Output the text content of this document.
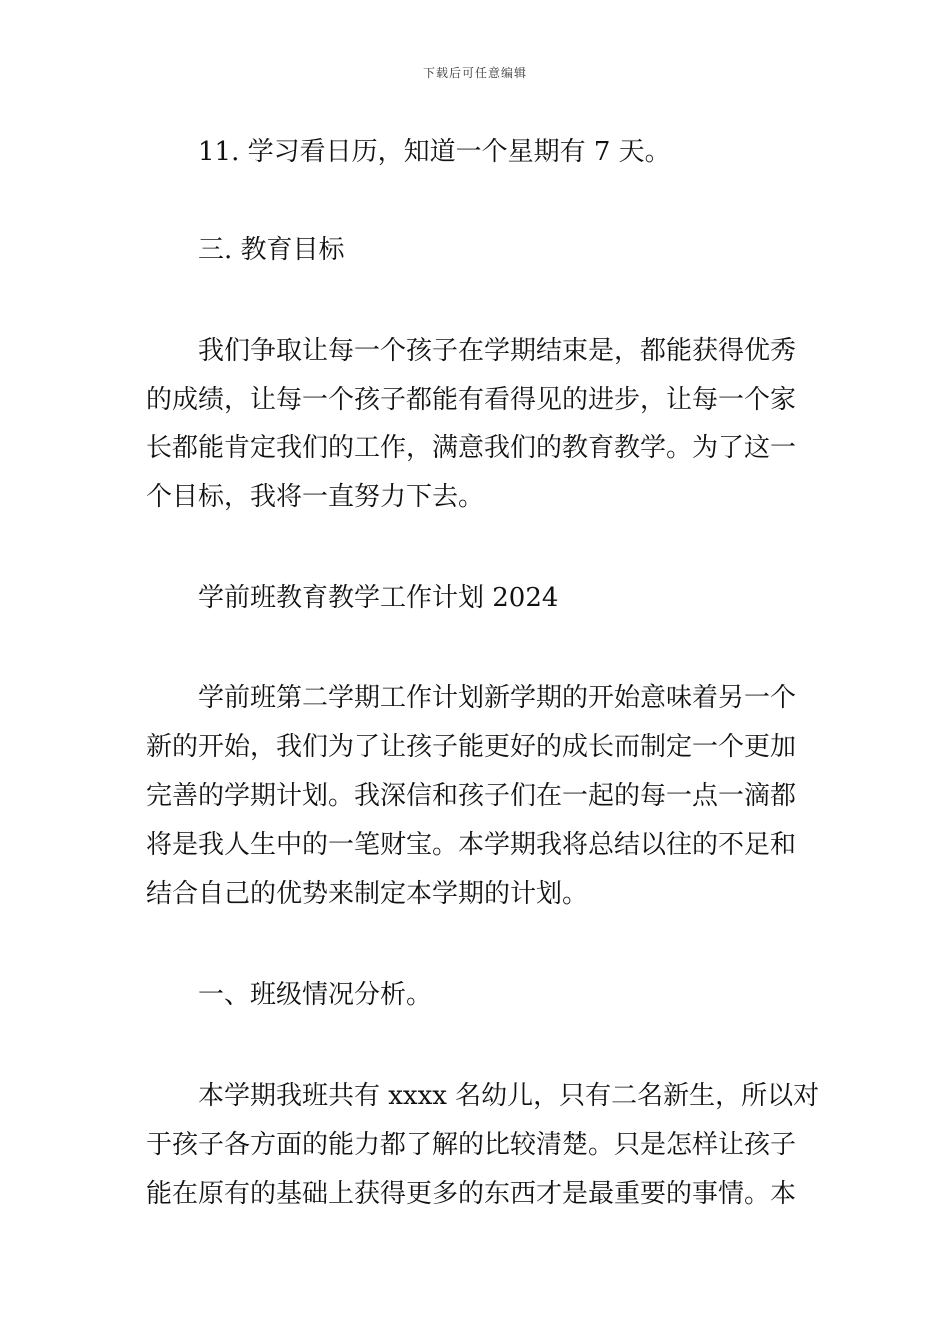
下载后可任意编辑
11. 学习看日历，知道一个星期有 7 天。
三. 教育目标
我们争取让每一个孩子在学期结束是，都能获得优秀
的成绩，让每一个孩子都能有看得见的进步，让每一个家
长都能肯定我们的工作，满意我们的教育教学。为了这一
个目标，我将一直努力下去。
学前班教育教学工作计划 2024
学前班第二学期工作计划新学期的开始意味着另一个
新的开始，我们为了让孩子能更好的成长而制定一个更加
完善的学期计划。我深信和孩子们在一起的每一点一滴都
将是我人生中的一笔财宝。本学期我将总结以往的不足和
结合自己的优势来制定本学期的计划。
一、班级情况分析。
本学期我班共有 xxxx 名幼儿，只有二名新生，所以对
于孩子各方面的能力都了解的比较清楚。只是怎样让孩子
能在原有的基础上获得更多的东西才是最重要的事情。本
